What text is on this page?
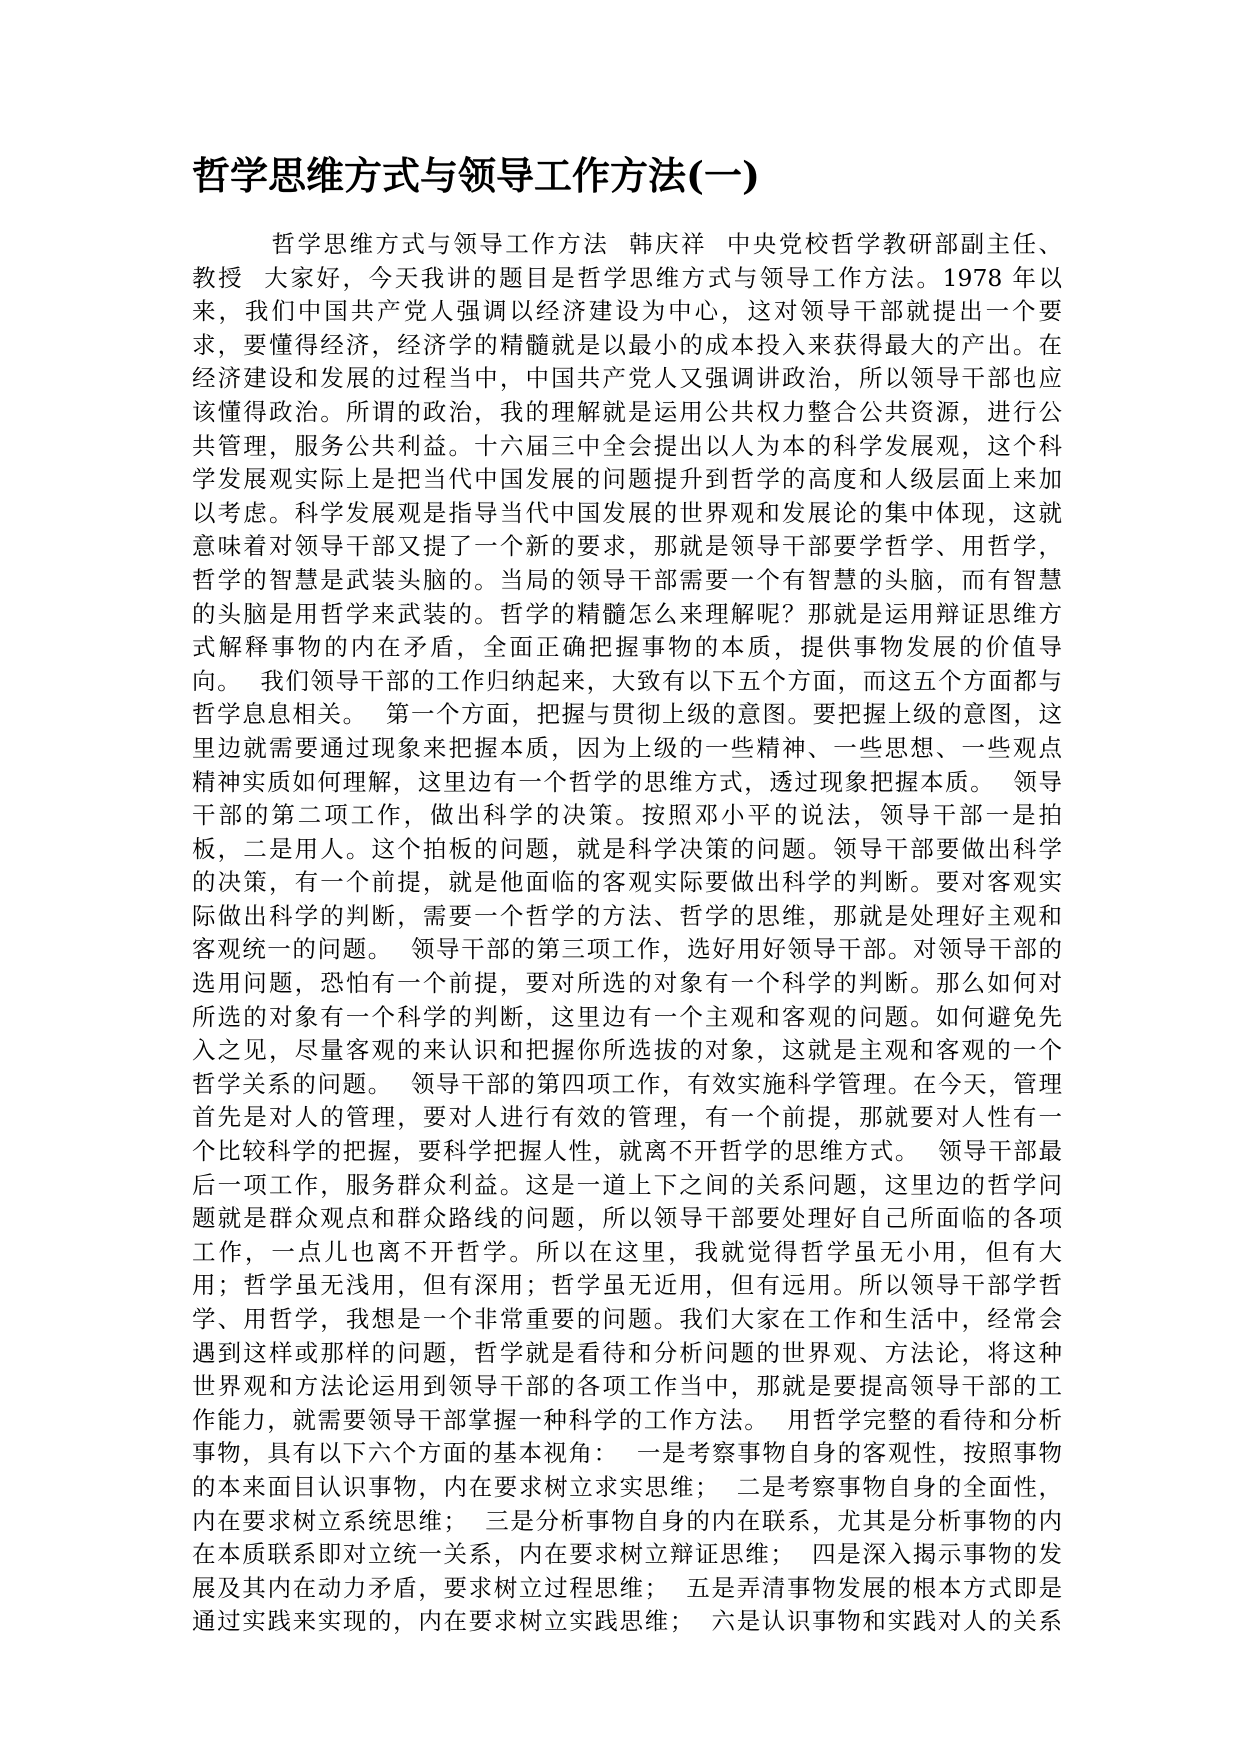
哲学思维方式与领导工作方法(一)
哲学思维方式与领导工作方法  韩庆祥  中央党校哲学教研部副主任、
教授  大家好，今天我讲的题目是哲学思维方式与领导工作方法。1978 年以
来，我们中国共产党人强调以经济建设为中心，这对领导干部就提出一个要
求，要懂得经济，经济学的精髓就是以最小的成本投入来获得最大的产出。在
经济建设和发展的过程当中，中国共产党人又强调讲政治，所以领导干部也应
该懂得政治。所谓的政治，我的理解就是运用公共权力整合公共资源，进行公
共管理，服务公共利益。十六届三中全会提出以人为本的科学发展观，这个科
学发展观实际上是把当代中国发展的问题提升到哲学的高度和人级层面上来加
以考虑。科学发展观是指导当代中国发展的世界观和发展论的集中体现，这就
意味着对领导干部又提了一个新的要求，那就是领导干部要学哲学、用哲学，
哲学的智慧是武装头脑的。当局的领导干部需要一个有智慧的头脑，而有智慧
的头脑是用哲学来武装的。哲学的精髓怎么来理解呢？那就是运用辩证思维方
式解释事物的内在矛盾，全面正确把握事物的本质，提供事物发展的价值导
向。  我们领导干部的工作归纳起来，大致有以下五个方面，而这五个方面都与
哲学息息相关。  第一个方面，把握与贯彻上级的意图。要把握上级的意图，这
里边就需要通过现象来把握本质，因为上级的一些精神、一些思想、一些观点
精神实质如何理解，这里边有一个哲学的思维方式，透过现象把握本质。  领导
干部的第二项工作，做出科学的决策。按照邓小平的说法，领导干部一是拍
板，二是用人。这个拍板的问题，就是科学决策的问题。领导干部要做出科学
的决策，有一个前提，就是他面临的客观实际要做出科学的判断。要对客观实
际做出科学的判断，需要一个哲学的方法、哲学的思维，那就是处理好主观和
客观统一的问题。  领导干部的第三项工作，选好用好领导干部。对领导干部的
选用问题，恐怕有一个前提，要对所选的对象有一个科学的判断。那么如何对
所选的对象有一个科学的判断，这里边有一个主观和客观的问题。如何避免先
入之见，尽量客观的来认识和把握你所选拔的对象，这就是主观和客观的一个
哲学关系的问题。  领导干部的第四项工作，有效实施科学管理。在今天，管理
首先是对人的管理，要对人进行有效的管理，有一个前提，那就要对人性有一
个比较科学的把握，要科学把握人性，就离不开哲学的思维方式。  领导干部最
后一项工作，服务群众利益。这是一道上下之间的关系问题，这里边的哲学问
题就是群众观点和群众路线的问题，所以领导干部要处理好自己所面临的各项
工作，一点儿也离不开哲学。所以在这里，我就觉得哲学虽无小用，但有大
用；哲学虽无浅用，但有深用；哲学虽无近用，但有远用。所以领导干部学哲
学、用哲学，我想是一个非常重要的问题。我们大家在工作和生活中，经常会
遇到这样或那样的问题，哲学就是看待和分析问题的世界观、方法论，将这种
世界观和方法论运用到领导干部的各项工作当中，那就是要提高领导干部的工
作能力，就需要领导干部掌握一种科学的工作方法。  用哲学完整的看待和分析
事物，具有以下六个方面的基本视角：  一是考察事物自身的客观性，按照事物
的本来面目认识事物，内在要求树立求实思维；  二是考察事物自身的全面性，
内在要求树立系统思维；  三是分析事物自身的内在联系，尤其是分析事物的内
在本质联系即对立统一关系，内在要求树立辩证思维；  四是深入揭示事物的发
展及其内在动力矛盾，要求树立过程思维；  五是弄清事物发展的根本方式即是
通过实践来实现的，内在要求树立实践思维；  六是认识事物和实践对人的关系
